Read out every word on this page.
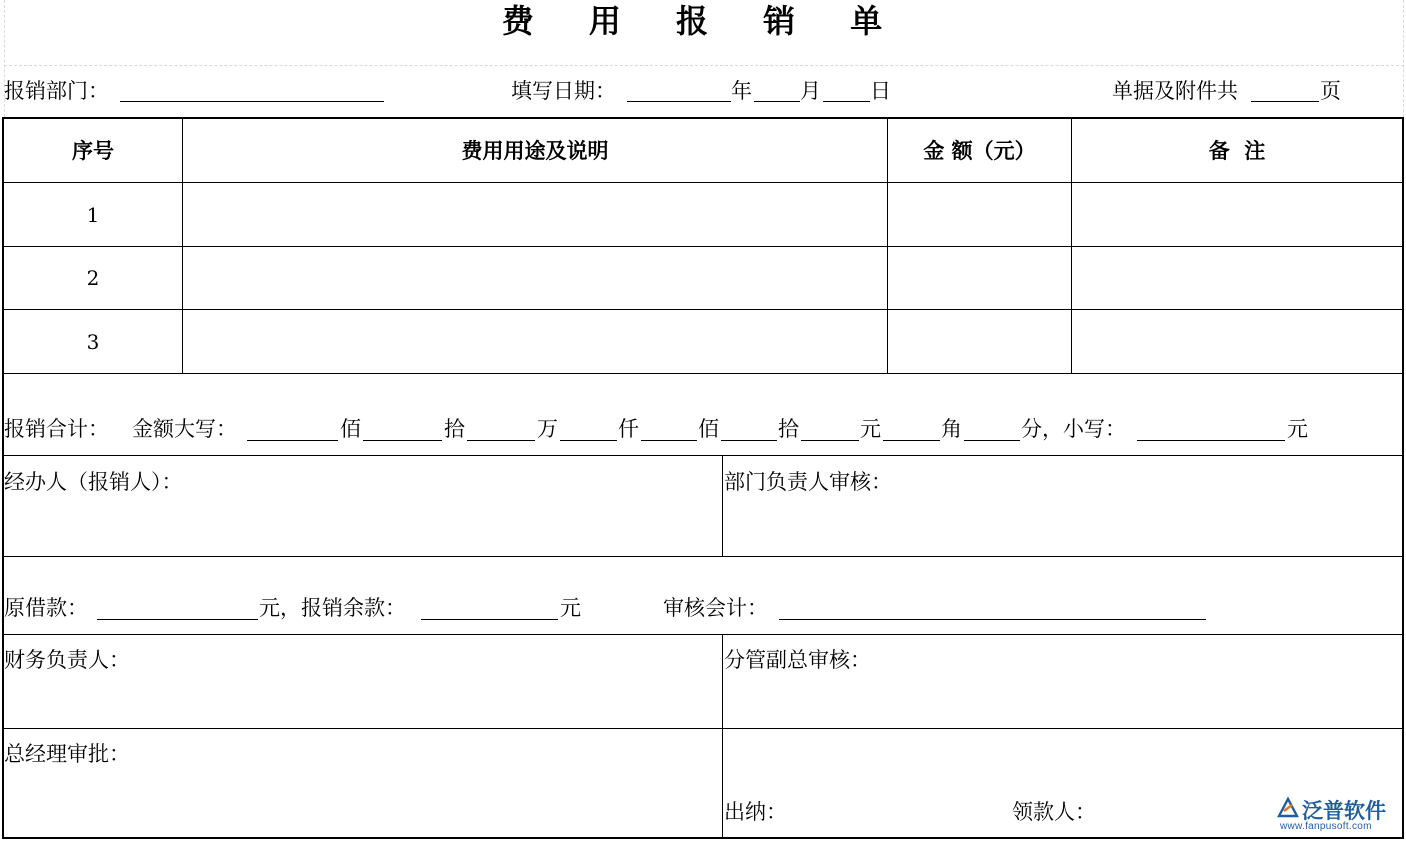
费 用 报 销 单
报销部门：	填写日期：	年 月 日	单据及附件共	页
序号	费用用途及说明	金 额（元）	备  注
1
2
3
报销合计： 金额大写：	佰	拾	万	仟	佰	拾	元	角	分，小写：	元
经办人（报销人）：	部门负责人审核：
原借款：	元，报销余款：	元	审核会计：
财务负责人：	分管副总审核：
总经理审批：
出纳：	领款人：	泛普软件
www.fanpusoft.com
